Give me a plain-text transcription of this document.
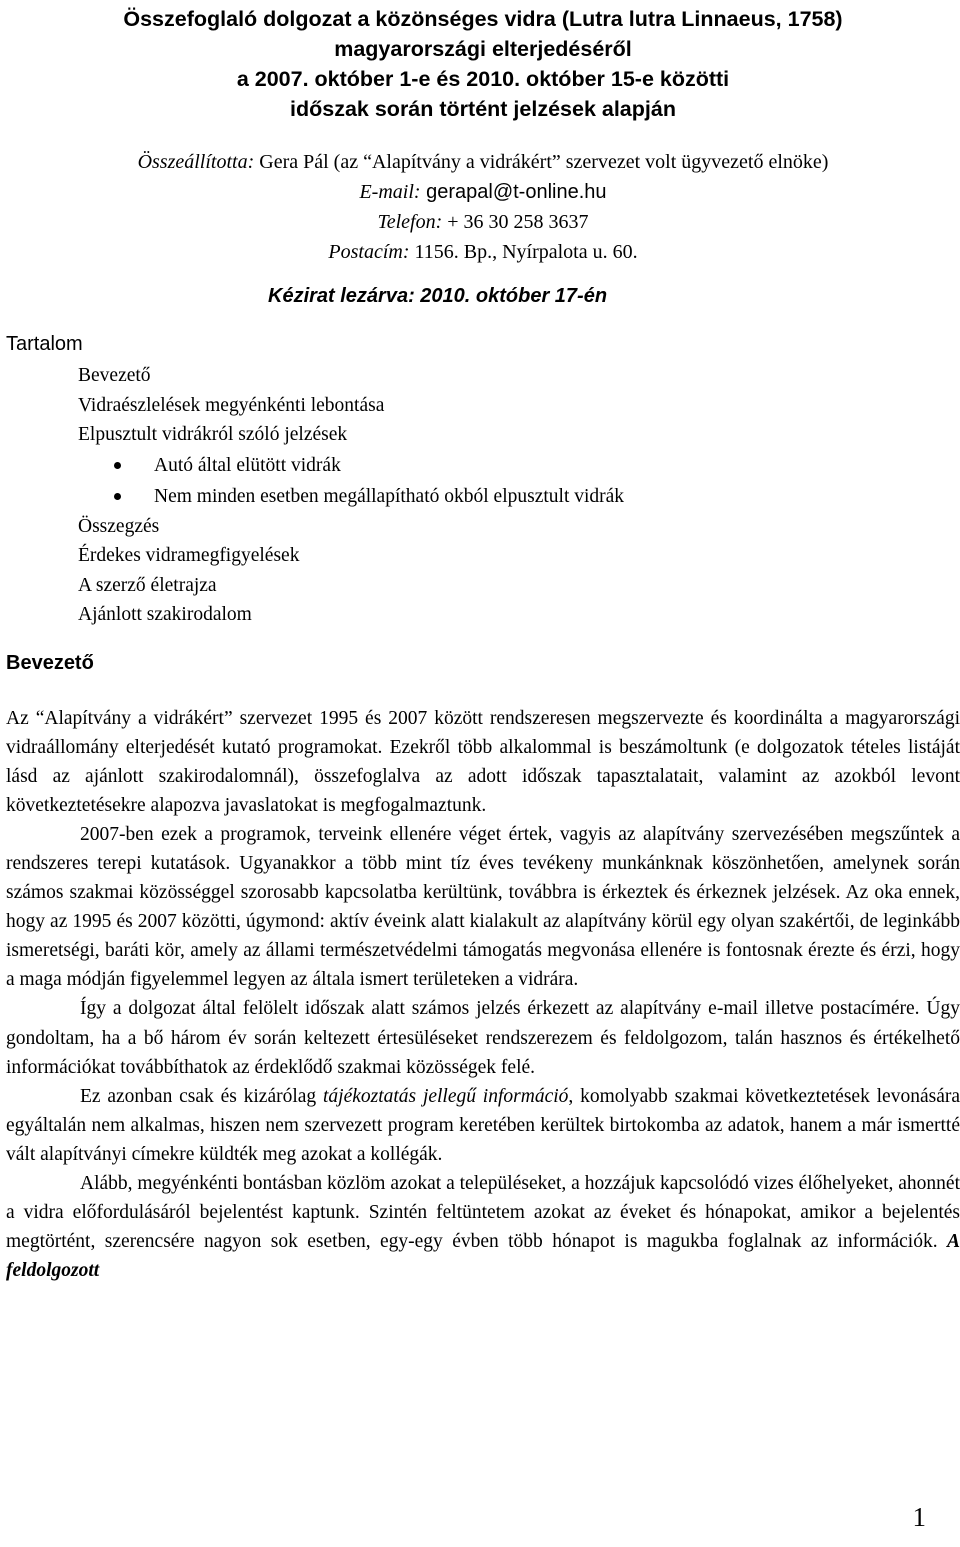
Összefoglaló dolgozat a közönséges vidra (Lutra lutra Linnaeus, 1758)
magyarországi elterjedéséről
a 2007. október 1-e és 2010. október 15-e közötti
időszak során történt jelzések alapján
Összeállította: Gera Pál (az “Alapítvány a vidrákért” szervezet volt ügyvezető elnöke)
E-mail: gerapal@t-online.hu
Telefon: + 36 30 258 3637
Postacím: 1156. Bp., Nyírpalota u. 60.
Kézirat lezárva: 2010. október 17-én
Tartalom
Bevezető
Vidraészlelések megyénkénti lebontása
Elpusztult vidrákról szóló jelzések
Autó által elütött vidrák
Nem minden esetben megállapítható okból elpusztult vidrák
Összegzés
Érdekes vidramegfigyelések
A szerző életrajza
Ajánlott szakirodalom
Bevezető

Az “Alapítvány a vidrákért” szervezet 1995 és 2007 között rendszeresen megszervezte és koordinálta a magyarországi vidraállomány elterjedését kutató programokat. Ezekről több alkalommal is beszámoltunk (e dolgozatok tételes listáját lásd az ajánlott szakirodalomnál), összefoglalva az adott időszak tapasztalatait, valamint az azokból levont következtetésekre alapozva javaslatokat is megfogalmaztunk.

2007-ben ezek a programok, terveink ellenére véget értek, vagyis az alapítvány szervezésében megszűntek a rendszeres terepi kutatások. Ugyanakkor a több mint tíz éves tevékeny munkánknak köszönhetően, amelynek során számos szakmai közösséggel szorosabb kapcsolatba kerültünk, továbbra is érkeztek és érkeznek jelzések. Az oka ennek, hogy az 1995 és 2007 közötti, úgymond: aktív éveink alatt kialakult az alapítvány körül egy olyan szakértői, de leginkább ismeretségi, baráti kör, amely az állami természetvédelmi támogatás megvonása ellenére is fontosnak érezte és érzi, hogy a maga módján figyelemmel legyen az általa ismert területeken a vidrára.

Így a dolgozat által felölelt időszak alatt számos jelzés érkezett az alapítvány e-mail illetve postacímére. Úgy gondoltam, ha a bő három év során keltezett értesüléseket rendszerezem és feldolgozom, talán hasznos és értékelhető információkat továbbíthatok az érdeklődő szakmai közösségek felé.

Ez azonban csak és kizárólag tájékoztatás jellegű információ, komolyabb szakmai következtetések levonására egyáltalán nem alkalmas, hiszen nem szervezett program keretében kerültek birtokomba az adatok, hanem a már ismertté vált alapítványi címekre küldték meg azokat a kollégák.

Alább, megyénkénti bontásban közlöm azokat a településeket, a hozzájuk kapcsolódó vizes élőhelyeket, ahonnét a vidra előfordulásáról bejelentést kaptunk. Szintén feltüntetem azokat az éveket és hónapokat, amikor a bejelentés megtörtént, szerencsére nagyon sok esetben, egy-egy évben több hónapot is magukba foglalnak az információk. A feldolgozott

1
